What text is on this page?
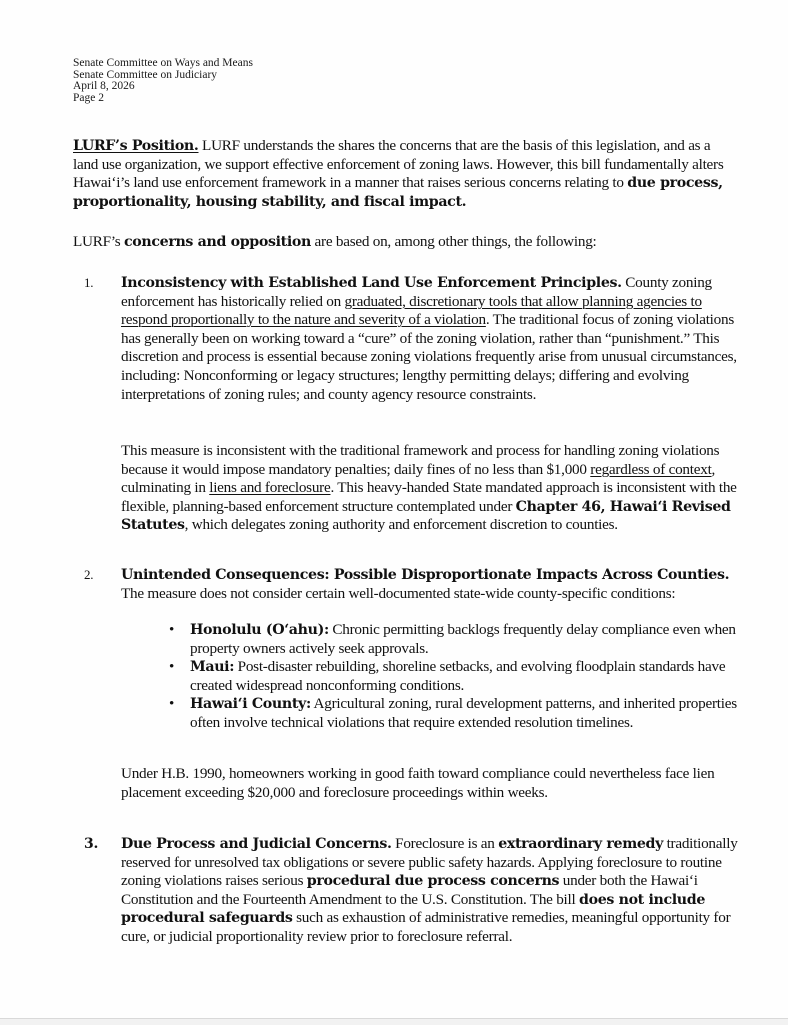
Senate Committee on Ways and Means
Senate Committee on Judiciary
April 8, 2026
Page 2
LURF’s Position. LURF understands the shares the concerns that are the basis of this legislation, and as a land use organization, we support effective enforcement of zoning laws. However, this bill fundamentally alters Hawai‘i’s land use enforcement framework in a manner that raises serious concerns relating to due process, proportionality, housing stability, and fiscal impact.
LURF’s concerns and opposition are based on, among other things, the following:
1. Inconsistency with Established Land Use Enforcement Principles. County zoning enforcement has historically relied on graduated, discretionary tools that allow planning agencies to respond proportionally to the nature and severity of a violation. The traditional focus of zoning violations has generally been on working toward a “cure” of the zoning violation, rather than “punishment.” This discretion and process is essential because zoning violations frequently arise from unusual circumstances, including: Nonconforming or legacy structures; lengthy permitting delays; differing and evolving interpretations of zoning rules; and county agency resource constraints.
This measure is inconsistent with the traditional framework and process for handling zoning violations because it would impose mandatory penalties; daily fines of no less than $1,000 regardless of context, culminating in liens and foreclosure. This heavy-handed State mandated approach is inconsistent with the flexible, planning-based enforcement structure contemplated under Chapter 46, Hawai‘i Revised Statutes, which delegates zoning authority and enforcement discretion to counties.
2. Unintended Consequences: Possible Disproportionate Impacts Across Counties. The measure does not consider certain well-documented state-wide county-specific conditions:
• Honolulu (O‘ahu): Chronic permitting backlogs frequently delay compliance even when property owners actively seek approvals.
• Maui: Post-disaster rebuilding, shoreline setbacks, and evolving floodplain standards have created widespread nonconforming conditions.
• Hawai‘i County: Agricultural zoning, rural development patterns, and inherited properties often involve technical violations that require extended resolution timelines.
Under H.B. 1990, homeowners working in good faith toward compliance could nevertheless face lien placement exceeding $20,000 and foreclosure proceedings within weeks.
3. Due Process and Judicial Concerns. Foreclosure is an extraordinary remedy traditionally reserved for unresolved tax obligations or severe public safety hazards. Applying foreclosure to routine zoning violations raises serious procedural due process concerns under both the Hawai‘i Constitution and the Fourteenth Amendment to the U.S. Constitution. The bill does not include procedural safeguards such as exhaustion of administrative remedies, meaningful opportunity for cure, or judicial proportionality review prior to foreclosure referral.
